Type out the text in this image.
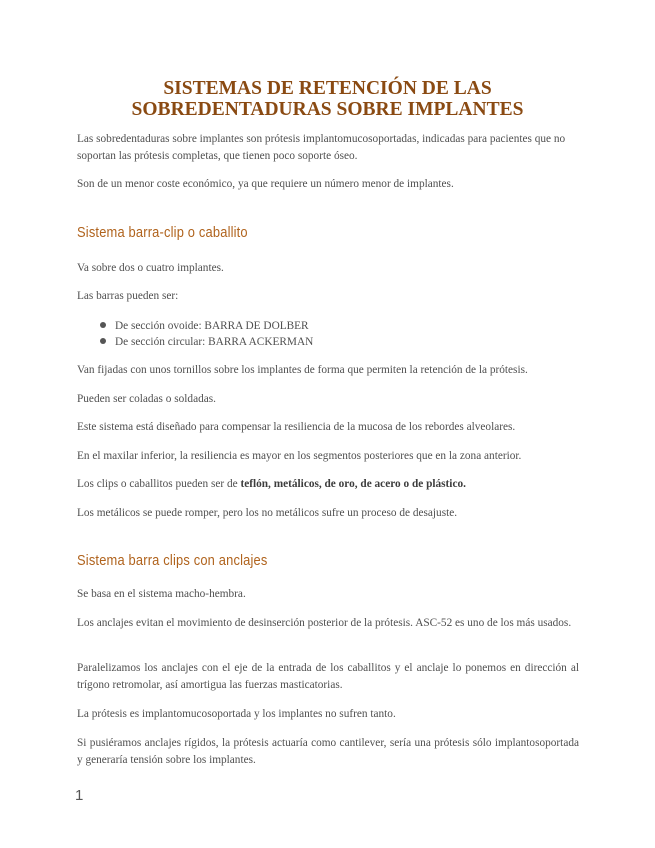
SISTEMAS DE RETENCIÓN DE LAS
SOBREDENTADURAS SOBRE IMPLANTES

Las sobredentaduras sobre implantes son prótesis implantomucosoportadas, indicadas para pacientes que no soportan las prótesis completas, que tienen poco soporte óseo.

Son de un menor coste económico, ya que requiere un número menor de implantes.

Sistema barra-clip o caballito

Va sobre dos o cuatro implantes.

Las barras pueden ser:

De sección ovoide: BARRA DE DOLBER
De sección circular: BARRA ACKERMAN

Van fijadas con unos tornillos sobre los implantes de forma que permiten la retención de la prótesis.

Pueden ser coladas o soldadas.

Este sistema está diseñado para compensar la resiliencia de la mucosa de los rebordes alveolares.

En el maxilar inferior, la resiliencia es mayor en los segmentos posteriores que en la zona anterior.

Los clips o caballitos pueden ser de teflón, metálicos, de oro, de acero o de plástico.

Los metálicos se puede romper, pero los no metálicos sufre un proceso de desajuste.

Sistema barra clips con anclajes

Se basa en el sistema macho-hembra.

Los anclajes evitan el movimiento de desinserción posterior de la prótesis. ASC-52 es uno de los más usados.

Paralelizamos los anclajes con el eje de la entrada de los caballitos y el anclaje lo ponemos en dirección al trígono retromolar, así amortigua las fuerzas masticatorias.

La prótesis es implantomucosoportada y los implantes no sufren tanto.

Si pusiéramos anclajes rígidos, la prótesis actuaría como cantilever, sería una prótesis sólo implantosoportada y generaría tensión sobre los implantes.

1
